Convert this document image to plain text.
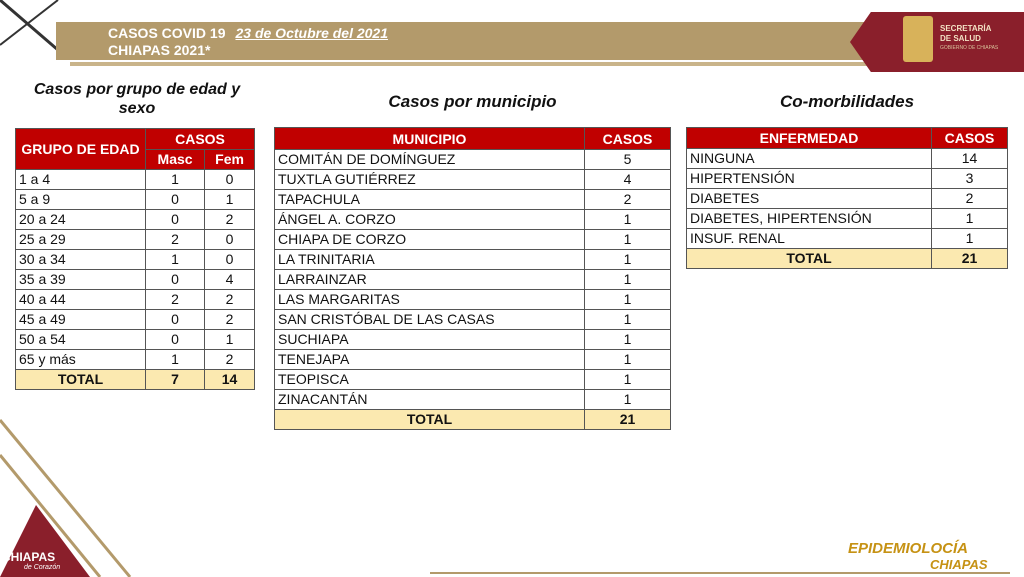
CASOS COVID 19 23 de Octubre del 2021
CHIAPAS 2021*
SECRETARÍA
DE SALUD
GOBIERNO DE CHIAPAS
Casos por grupo de edad y sexo
GRUPO DE EDAD	CASOS	
	Masc	Fem
1 a 4	1	0
5 a 9	0	1
20 a 24	0	2
25 a 29	2	0
30 a 34	1	0
35 a 39	0	4
40 a 44	2	2
45 a 49	0	2
50 a 54	0	1
65 y más	1	2
TOTAL	7	14
Casos por municipio
MUNICIPIO	CASOS
COMITÁN DE DOMÍNGUEZ	5
TUXTLA GUTIÉRREZ	4
TAPACHULA	2
ÁNGEL A. CORZO	1
CHIAPA DE CORZO	1
LA TRINITARIA	1
LARRAINZAR	1
LAS MARGARITAS	1
SAN CRISTÓBAL DE LAS CASAS	1
SUCHIAPA	1
TENEJAPA	1
TEOPISCA	1
ZINACANTÁN	1
TOTAL	21
Co-morbilidades
ENFERMEDAD	CASOS
NINGUNA	14
HIPERTENSIÓN	3
DIABETES	2
DIABETES, HIPERTENSIÓN	1
INSUF. RENAL	1
TOTAL	21
CHIAPAS
de Corazón
EPIDEMIOLOCÍA
CHIAPAS
